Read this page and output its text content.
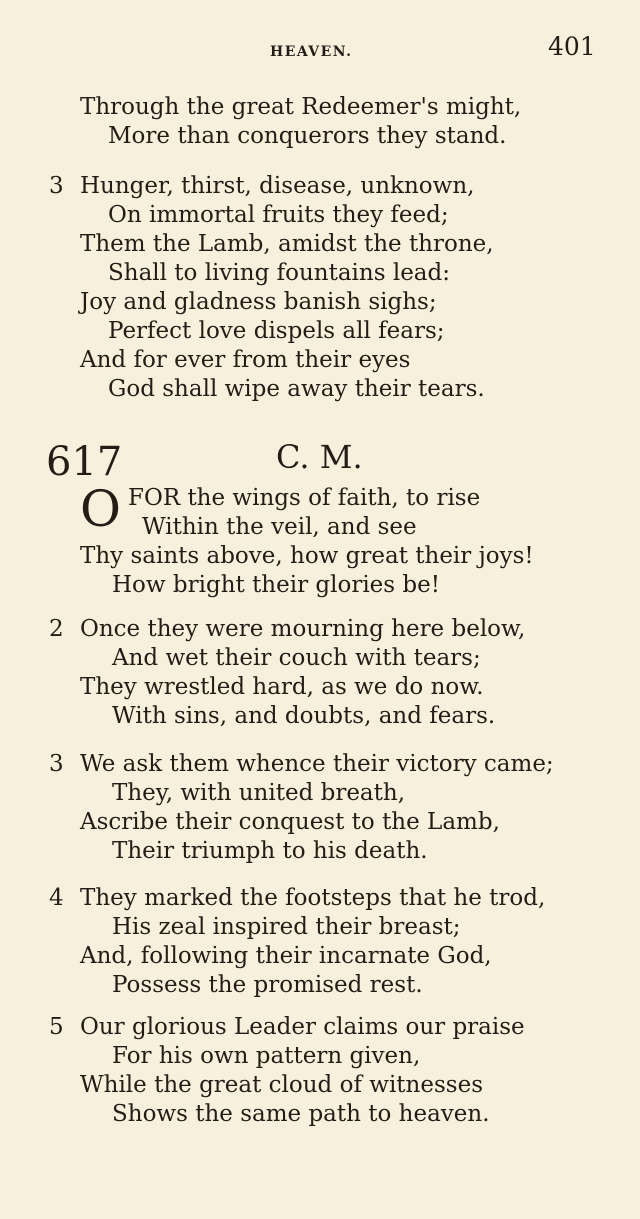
HEAVEN.	401
Through the great Redeemer's might,
More than conquerors they stand.
3 Hunger, thirst, disease, unknown,
On immortal fruits they feed;
Them the Lamb, amidst the throne,
Shall to living fountains lead:
Joy and gladness banish sighs;
Perfect love dispels all fears;
And for ever from their eyes
God shall wipe away their tears.
617	C. M.
O FOR the wings of faith, to rise
Within the veil, and see
Thy saints above, how great their joys!
How bright their glories be!
2 Once they were mourning here below,
And wet their couch with tears;
They wrestled hard, as we do now.
With sins, and doubts, and fears.
3 We ask them whence their victory came;
They, with united breath,
Ascribe their conquest to the Lamb,
Their triumph to his death.
4 They marked the footsteps that he trod,
His zeal inspired their breast;
And, following their incarnate God,
Possess the promised rest.
5 Our glorious Leader claims our praise
For his own pattern given,
While the great cloud of witnesses
Shows the same path to heaven.
